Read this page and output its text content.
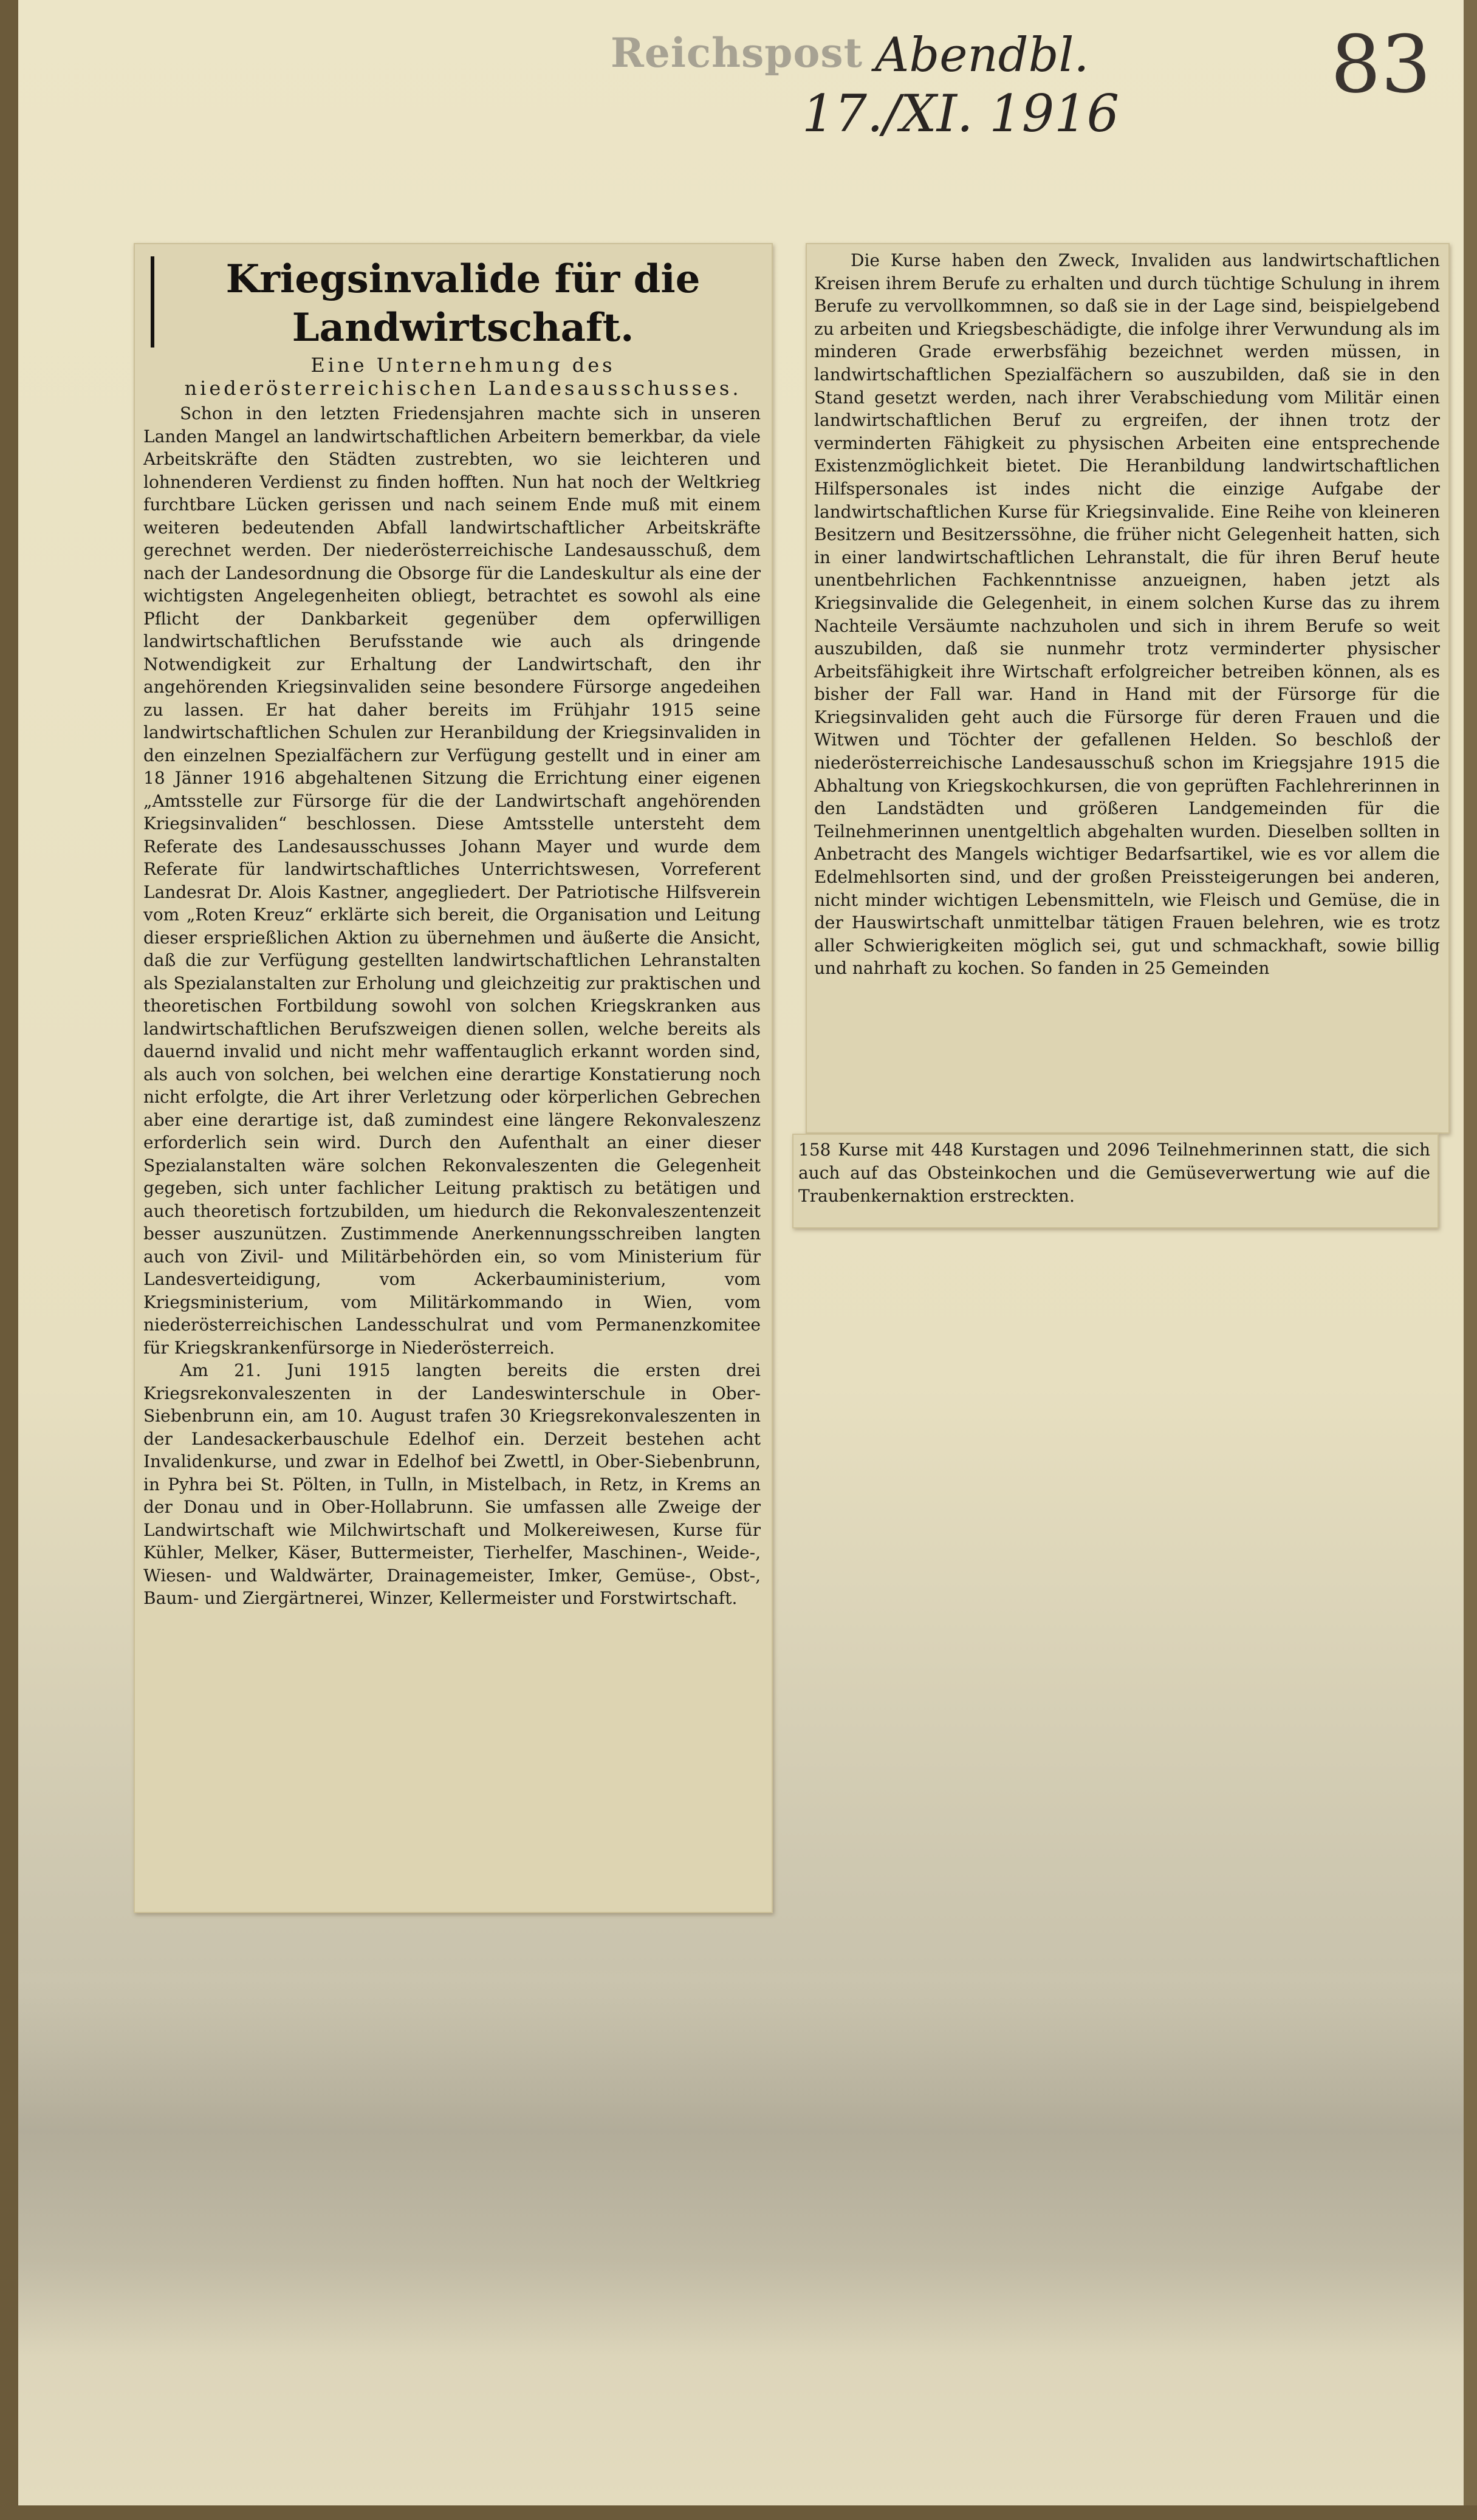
Reichspost Abendbl.
17./XI. 1916
83
Kriegsinvalide für die Landwirtschaft.
Eine Unternehmung des niederösterreichischen Landesausschusses.

Schon in den letzten Friedensjahren machte sich in unseren Landen Mangel an landwirtschaftlichen Arbeitern bemerkbar, da viele Arbeitskräfte den Städten zustrebten, wo sie leichteren und lohnenderen Verdienst zu finden hofften. Nun hat noch der Weltkrieg furchtbare Lücken gerissen und nach seinem Ende muß mit einem weiteren bedeutenden Abfall landwirtschaftlicher Arbeitskräfte gerechnet werden. Der niederösterreichische Landesausschuß, dem nach der Landesordnung die Obsorge für die Landeskultur als eine der wichtigsten Angelegenheiten obliegt, betrachtet es sowohl als eine Pflicht der Dankbarkeit gegenüber dem opferwilligen landwirtschaftlichen Berufsstande wie auch als dringende Notwendigkeit zur Erhaltung der Landwirtschaft, den ihr angehörenden Kriegsinvaliden seine besondere Fürsorge angedeihen zu lassen. Er hat daher bereits im Frühjahr 1915 seine landwirtschaftlichen Schulen zur Heranbildung der Kriegsinvaliden in den einzelnen Spezialfächern zur Verfügung gestellt und in einer am 18 Jänner 1916 abgehaltenen Sitzung die Errichtung einer eigenen „Amtsstelle zur Fürsorge für die der Landwirtschaft angehörenden Kriegsinvaliden“ beschlossen. Diese Amtsstelle untersteht dem Referate des Landesausschusses Johann Mayer und wurde dem Referate für landwirtschaftliches Unterrichtswesen, Vorreferent Landesrat Dr. Alois Kastner, angegliedert. Der Patriotische Hilfsverein vom „Roten Kreuz“ erklärte sich bereit, die Organisation und Leitung dieser ersprießlichen Aktion zu übernehmen und äußerte die Ansicht, daß die zur Verfügung gestellten landwirtschaftlichen Lehranstalten als Spezialanstalten zur Erholung und gleichzeitig zur praktischen und theoretischen Fortbildung sowohl von solchen Kriegskranken aus landwirtschaftlichen Berufszweigen dienen sollen, welche bereits als dauernd invalid und nicht mehr waffentauglich erkannt worden sind, als auch von solchen, bei welchen eine derartige Konstatierung noch nicht erfolgte, die Art ihrer Verletzung oder körperlichen Gebrechen aber eine derartige ist, daß zumindest eine längere Rekonvaleszenz erforderlich sein wird. Durch den Aufenthalt an einer dieser Spezialanstalten wäre solchen Rekonvaleszenten die Gelegenheit gegeben, sich unter fachlicher Leitung praktisch zu betätigen und auch theoretisch fortzubilden, um hiedurch die Rekonvaleszentenzeit besser auszunützen. Zustimmende Anerkennungsschreiben langten auch von Zivil- und Militärbehörden ein, so vom Ministerium für Landesverteidigung, vom Ackerbauministerium, vom Kriegsministerium, vom Militärkommando in Wien, vom niederösterreichischen Landesschulrat und vom Permanenzkomitee für Kriegskrankenfürsorge in Niederösterreich.

Am 21. Juni 1915 langten bereits die ersten drei Kriegsrekonvaleszenten in der Landeswinterschule in Ober-Siebenbrunn ein, am 10. August trafen 30 Kriegsrekonvaleszenten in der Landesackerbauschule Edelhof ein. Derzeit bestehen acht Invalidenkurse, und zwar in Edelhof bei Zwettl, in Ober-Siebenbrunn, in Pyhra bei St. Pölten, in Tulln, in Mistelbach, in Retz, in Krems an der Donau und in Ober-Hollabrunn. Sie umfassen alle Zweige der Landwirtschaft wie Milchwirtschaft und Molkereiwesen, Kurse für Kühler, Melker, Käser, Buttermeister, Tierhelfer, Maschinen-, Weide-, Wiesen- und Waldwärter, Drainagemeister, Imker, Gemüse-, Obst-, Baum- und Ziergärtnerei, Winzer, Kellermeister und Forstwirtschaft.

Die Kurse haben den Zweck, Invaliden aus landwirtschaftlichen Kreisen ihrem Berufe zu erhalten und durch tüchtige Schulung in ihrem Berufe zu vervollkommnen, so daß sie in der Lage sind, beispielgebend zu arbeiten und Kriegsbeschädigte, die infolge ihrer Verwundung als im minderen Grade erwerbsfähig bezeichnet werden müssen, in landwirtschaftlichen Spezialfächern so auszubilden, daß sie in den Stand gesetzt werden, nach ihrer Verabschiedung vom Militär einen landwirtschaftlichen Beruf zu ergreifen, der ihnen trotz der verminderten Fähigkeit zu physischen Arbeiten eine entsprechende Existenzmöglichkeit bietet. Die Heranbildung landwirtschaftlichen Hilfspersonales ist indes nicht die einzige Aufgabe der landwirtschaftlichen Kurse für Kriegsinvalide. Eine Reihe von kleineren Besitzern und Besitzerssöhne, die früher nicht Gelegenheit hatten, sich in einer landwirtschaftlichen Lehranstalt, die für ihren Beruf heute unentbehrlichen Fachkenntnisse anzueignen, haben jetzt als Kriegsinvalide die Gelegenheit, in einem solchen Kurse das zu ihrem Nachteile Versäumte nachzuholen und sich in ihrem Berufe so weit auszubilden, daß sie nunmehr trotz verminderter physischer Arbeitsfähigkeit ihre Wirtschaft erfolgreicher betreiben können, als es bisher der Fall war. Hand in Hand mit der Fürsorge für die Kriegsinvaliden geht auch die Fürsorge für deren Frauen und die Witwen und Töchter der gefallenen Helden. So beschloß der niederösterreichische Landesausschuß schon im Kriegsjahre 1915 die Abhaltung von Kriegskochkursen, die von geprüften Fachlehrerinnen in den Landstädten und größeren Landgemeinden für die Teilnehmerinnen unentgeltlich abgehalten wurden. Dieselben sollten in Anbetracht des Mangels wichtiger Bedarfsartikel, wie es vor allem die Edelmehlsorten sind, und der großen Preissteigerungen bei anderen, nicht minder wichtigen Lebensmitteln, wie Fleisch und Gemüse, die in der Hauswirtschaft unmittelbar tätigen Frauen belehren, wie es trotz aller Schwierigkeiten möglich sei, gut und schmackhaft, sowie billig und nahrhaft zu kochen. So fanden in 25 Gemeinden

158 Kurse mit 448 Kurstagen und 2096 Teilnehmerinnen statt, die sich auch auf das Obsteinkochen und die Gemüseverwertung wie auf die Traubenkernaktion erstreckten.
